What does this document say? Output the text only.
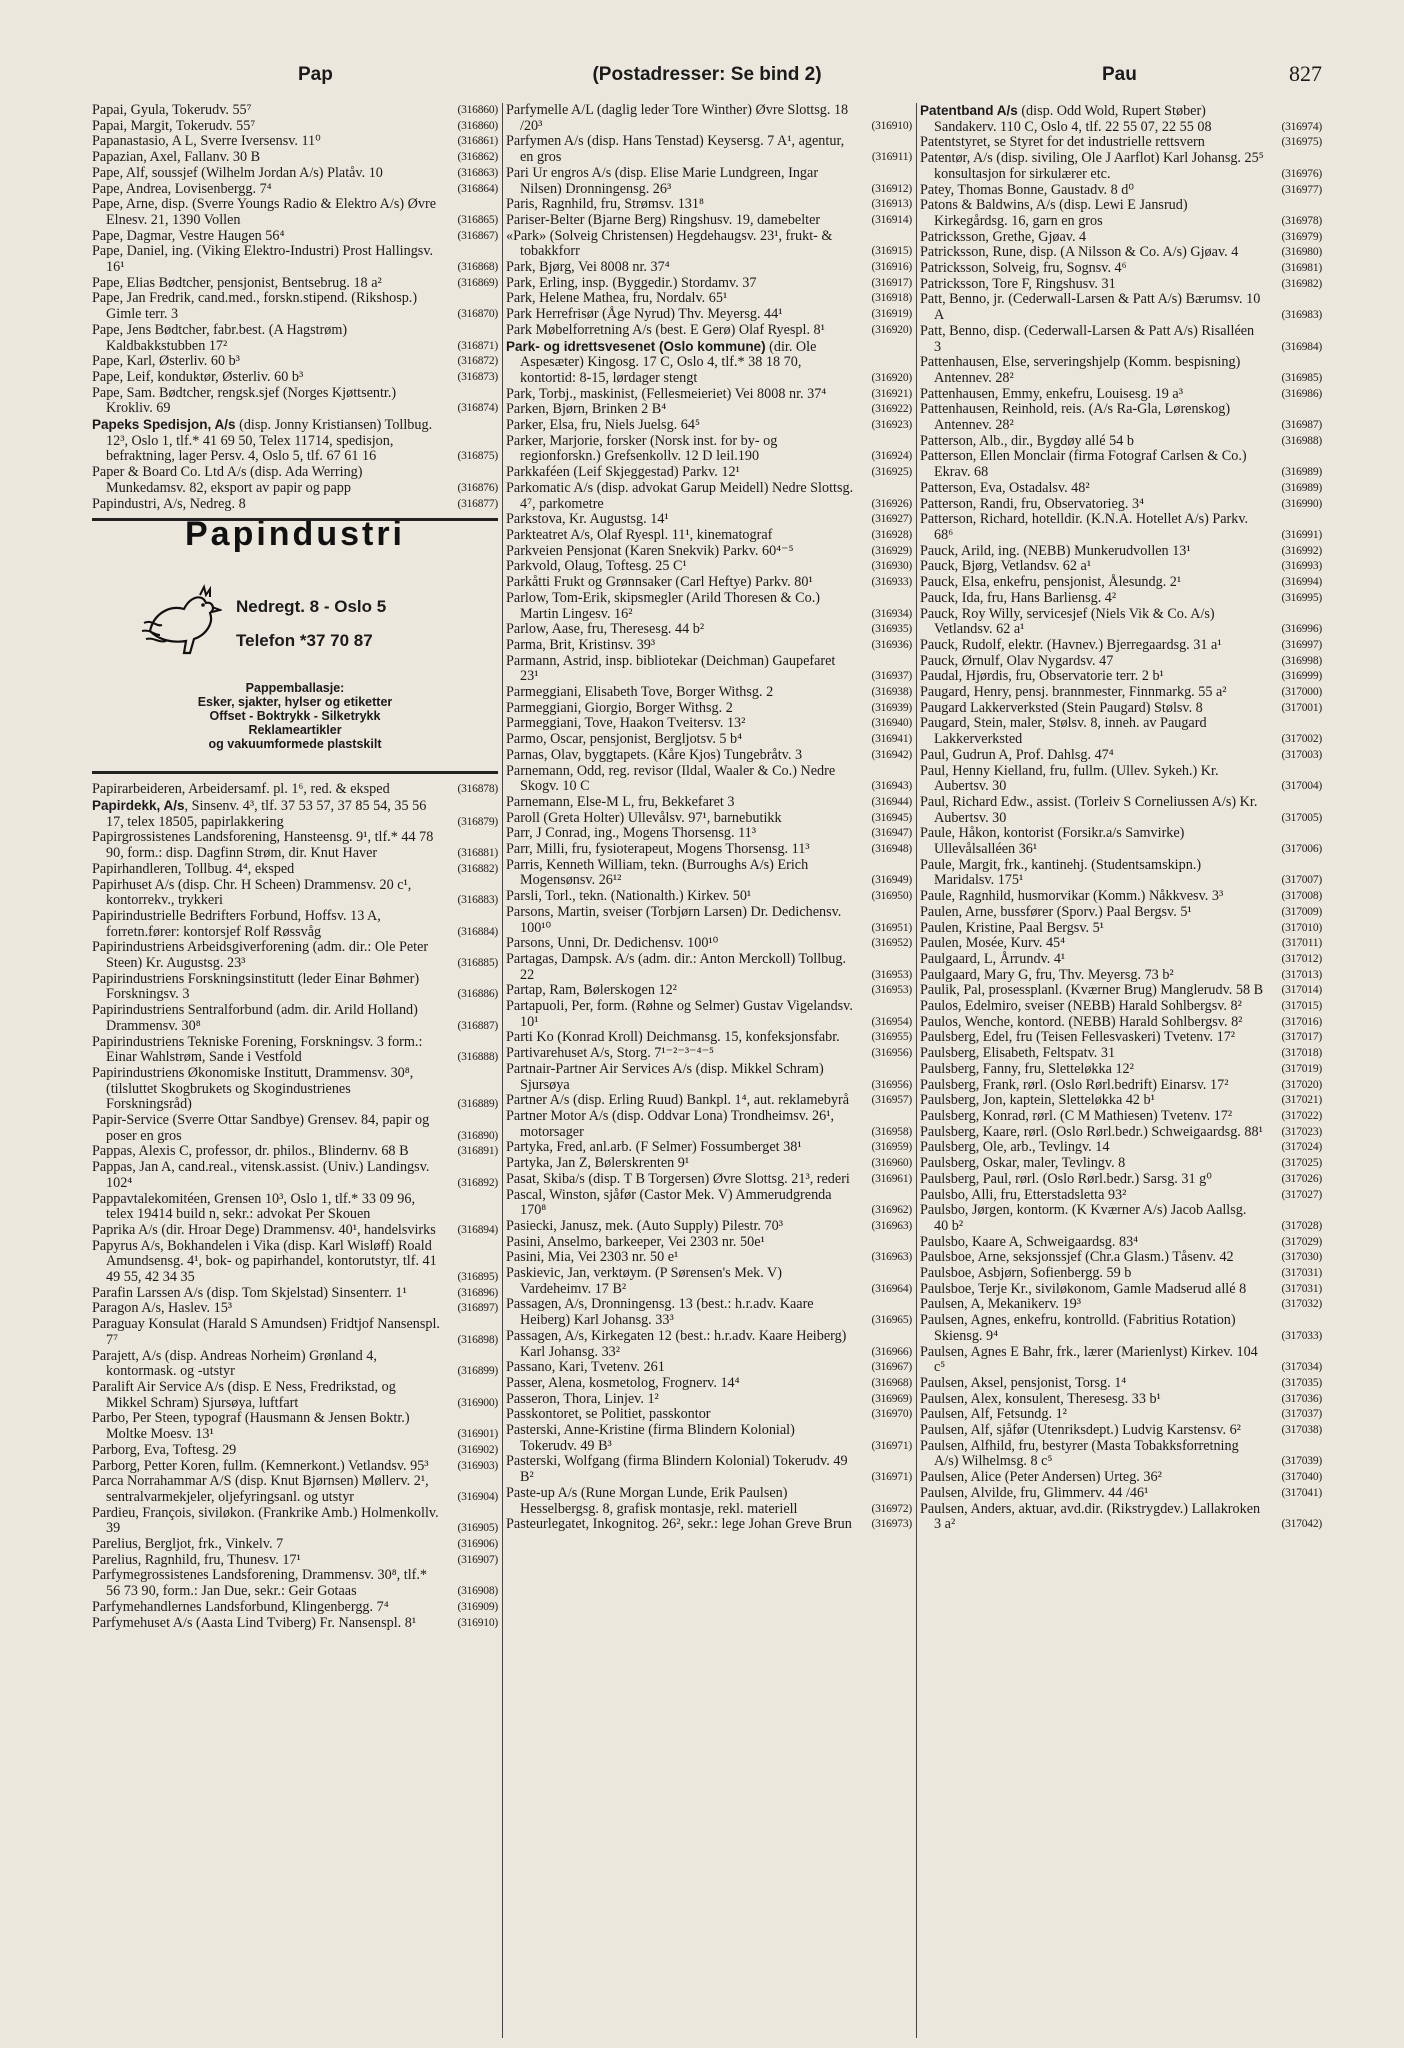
Pap	(Postadresser: Se bind 2)	Pau	827
Papai, Gyula, Tokerudv. 55⁷	(316860)
Papai, Margit, Tokerudv. 55⁷	(316860)
Papanastasio, A L, Sverre Iversensv. 11⁰	(316861)
Papazian, Axel, Fallanv. 30 B	(316862)
Pape, Alf, soussjef (Wilhelm Jordan A/s) Platåv. 10	(316863)
Pape, Andrea, Lovisenbergg. 7⁴	(316864)
Pape, Arne, disp. (Sverre Youngs Radio & Elektro A/s) Øvre Elnesv. 21, 1390 Vollen	(316865)
Pape, Dagmar, Vestre Haugen 56⁴	(316867)
Pape, Daniel, ing. (Viking Elektro-Industri) Prost Hallingsv. 16¹	(316868)
Pape, Elias Bødtcher, pensjonist, Bentsebrug. 18 a²	(316869)
Pape, Jan Fredrik, cand.med., forskn.stipend. (Rikshosp.) Gimle terr. 3	(316870)
Pape, Jens Bødtcher, fabr.best. (A Hagstrøm) Kaldbakkstubben 17²	(316871)
Pape, Karl, Østerliv. 60 b³	(316872)
Pape, Leif, konduktør, Østerliv. 60 b³	(316873)
Pape, Sam. Bødtcher, rengsk.sjef (Norges Kjøttsentr.) Krokliv. 69	(316874)
Papeks Spedisjon, A/s (disp. Jonny Kristiansen) Tollbug. 12³, Oslo 1, tlf.* 41 69 50, Telex 11714, spedisjon, befraktning, lager Persv. 4, Oslo 5, tlf. 67 61 16	(316875)
Paper & Board Co. Ltd A/s (disp. Ada Werring) Munkedamsv. 82, eksport av papir og papp	(316876)
Papindustri, A/s, Nedreg. 8	(316877)
Papindustri
Nedregt. 8 - Oslo 5
Telefon *37 70 87
Pappemballasje:
Esker, sjakter, hylser og etiketter
Offset - Boktrykk - Silketrykk
Reklameartikler
og vakuumformede plastskilt
Papirarbeideren, Arbeidersamf. pl. 1⁶, red. & eksped	(316878)
Papirdekk, A/s, Sinsenv. 4³, tlf. 37 53 57, 37 85 54, 35 56 17, telex 18505, papirlakkering	(316879)
Papirgrossistenes Landsforening, Hansteensg. 9¹, tlf.* 44 78 90, form.: disp. Dagfinn Strøm, dir. Knut Haver	(316881)
Papirhandleren, Tollbug. 4⁴, eksped	(316882)
Papirhuset A/s (disp. Chr. H Scheen) Drammensv. 20 c¹, kontorrekv., trykkeri	(316883)
Papirindustrielle Bedrifters Forbund, Hoffsv. 13 A, forretn.fører: kontorsjef Rolf Røssvåg	(316884)
Papirindustriens Arbeidsgiverforening (adm. dir.: Ole Peter Steen) Kr. Augustsg. 23³	(316885)
Papirindustriens Forskningsinstitutt (leder Einar Bøhmer) Forskningsv. 3	(316886)
Papirindustriens Sentralforbund (adm. dir. Arild Holland) Drammensv. 30⁸	(316887)
Papirindustriens Tekniske Forening, Forskningsv. 3 form.: Einar Wahlstrøm, Sande i Vestfold	(316888)
Papirindustriens Økonomiske Institutt, Drammensv. 30⁸, (tilsluttet Skogbrukets og Skogindustrienes Forskningsråd)	(316889)
Papir-Service (Sverre Ottar Sandbye) Grensev. 84, papir og poser en gros	(316890)
Pappas, Alexis C, professor, dr. philos., Blindernv. 68 B	(316891)
Pappas, Jan A, cand.real., vitensk.assist. (Univ.) Landingsv. 102⁴	(316892)
Pappavtalekomitéen, Grensen 10³, Oslo 1, tlf.* 33 09 96, telex 19414 build n, sekr.: advokat Per Skouen
Paprika A/s (dir. Hroar Dege) Drammensv. 40¹, handelsvirks (316894)
Papyrus A/s, Bokhandelen i Vika (disp. Karl Wisløff) Roald Amundsensg. 4¹, bok- og papirhandel, kontorutstyr, tlf. 41 49 55, 42 34 35	(316895)
Parafin Larssen A/s (disp. Tom Skjelstad) Sinsenterr. 1¹	(316896)
Paragon A/s, Haslev. 15³	(316897)
Paraguay Konsulat (Harald S Amundsen) Fridtjof Nansenspl. 7⁷	(316898)
Parajett, A/s (disp. Andreas Norheim) Grønland 4, kontormask. og -utstyr	(316899)
Paralift Air Service A/s (disp. E Ness, Fredrikstad, og Mikkel Schram) Sjursøya, luftfart	(316900)
Parbo, Per Steen, typograf (Hausmann & Jensen Boktr.) Moltke Moesv. 13¹	(316901)
Parborg, Eva, Toftesg. 29	(316902)
Parborg, Petter Koren, fullm. (Kemnerkont.) Vetlandsv. 95³	(316903)
Parca Norrahammar A/S (disp. Knut Bjørnsen) Møllerv. 2¹, sentralvarmekjeler, oljefyringsanl. og utstyr	(316904)
Pardieu, François, siviløkon. (Frankrike Amb.) Holmenkollv. 39	(316905)
Parelius, Bergljot, frk., Vinkelv. 7	(316906)
Parelius, Ragnhild, fru, Thunesv. 17¹	(316907)
Parfymegrossistenes Landsforening, Drammensv. 30⁸, tlf.* 56 73 90, form.: Jan Due, sekr.: Geir Gotaas	(316908)
Parfymehandlernes Landsforbund, Klingenbergg. 7⁴	(316909)
Parfymehuset A/s (Aasta Lind Tviberg) Fr. Nansenspl. 8¹	(316910)
Parfymelle A/L (daglig leder Tore Winther) Øvre Slottsg. 18 /20³	(316910)
Parfymen A/s (disp. Hans Tenstad) Keysersg. 7 A¹, agentur, en gros	(316911)
Pari Ur engros A/s (disp. Elise Marie Lundgreen, Ingar Nilsen) Dronningensg. 26³	(316912)
Paris, Ragnhild, fru, Strømsv. 131⁸	(316913)
Pariser-Belter (Bjarne Berg) Ringshusv. 19, damebelter	(316914)
«Park» (Solveig Christensen) Hegdehaugsv. 23¹, frukt- & tobakkforr	(316915)
Park, Bjørg, Vei 8008 nr. 37⁴	(316916)
Park, Erling, insp. (Byggedir.) Stordamv. 37	(316917)
Park, Helene Mathea, fru, Nordalv. 65¹	(316918)
Park Herrefrisør (Åge Nyrud) Thv. Meyersg. 44¹	(316919)
Park Møbelforretning A/s (best. E Gerø) Olaf Ryespl. 8¹	(316920)
Park- og idrettsvesenet (Oslo kommune) (dir. Ole Aspesæter) Kingosg. 17 C, Oslo 4, tlf.* 38 18 70, kontortid: 8-15, lørdager stengt	(316920)
Park, Torbj., maskinist, (Fellesmeieriet) Vei 8008 nr. 37⁴	(316921)
Parken, Bjørn, Brinken 2 B⁴	(316922)
Parker, Elsa, fru, Niels Juelsg. 64⁵	(316923)
Parker, Marjorie, forsker (Norsk inst. for by- og regionforskn.) Grefsenkollv. 12 D leil.190	(316924)
Parkkaféen (Leif Skjeggestad) Parkv. 12¹	(316925)
Parkomatic A/s (disp. advokat Garup Meidell) Nedre Slottsg. 4⁷, parkometre	(316926)
Parkstova, Kr. Augustsg. 14¹	(316927)
Parkteatret A/s, Olaf Ryespl. 11¹, kinematograf	(316928)
Parkveien Pensjonat (Karen Snekvik) Parkv. 60⁴⁻⁵	(316929)
Parkvold, Olaug, Toftesg. 25 C¹	(316930)
Parkåtti Frukt og Grønnsaker (Carl Heftye) Parkv. 80¹	(316933)
Parlow, Tom-Erik, skipsmegler (Arild Thoresen & Co.) Martin Lingesv. 16²	(316934)
Parlow, Aase, fru, Theresesg. 44 b²	(316935)
Parma, Brit, Kristinsv. 39³	(316936)
Parmann, Astrid, insp. bibliotekar (Deichman) Gaupefaret 23¹	(316937)
Parmeggiani, Elisabeth Tove, Borger Withsg. 2	(316938)
Parmeggiani, Giorgio, Borger Withsg. 2	(316939)
Parmeggiani, Tove, Haakon Tveitersv. 13²	(316940)
Parmo, Oscar, pensjonist, Bergljotsv. 5 b⁴	(316941)
Parnas, Olav, byggtapets. (Kåre Kjos) Tungebråtv. 3	(316942)
Parnemann, Odd, reg. revisor (Ildal, Waaler & Co.) Nedre Skogv. 10 C	(316943)
Parnemann, Else-M L, fru, Bekkefaret 3	(316944)
Paroll (Greta Holter) Ullevålsv. 97¹, barnebutikk	(316945)
Parr, J Conrad, ing., Mogens Thorsensg. 11³	(316947)
Parr, Milli, fru, fysioterapeut, Mogens Thorsensg. 11³	(316948)
Parris, Kenneth William, tekn. (Burroughs A/s) Erich Mogensønsv. 26¹²	(316949)
Parsli, Torl., tekn. (Nationalth.) Kirkev. 50¹	(316950)
Parsons, Martin, sveiser (Torbjørn Larsen) Dr. Dedichensv. 100¹⁰	(316951)
Parsons, Unni, Dr. Dedichensv. 100¹⁰	(316952)
Partagas, Dampsk. A/s (adm. dir.: Anton Merckoll) Tollbug. 22	(316953)
Partap, Ram, Bølerskogen 12²	(316953)
Partapuoli, Per, form. (Røhne og Selmer) Gustav Vigelandsv. 10¹	(316954)
Parti Ko (Konrad Kroll) Deichmansg. 15, konfeksjonsfabr.	(316955)
Partivarehuset A/s, Storg. 7¹⁻²⁻³⁻⁴⁻⁵	(316956)
Partnair-Partner Air Services A/s (disp. Mikkel Schram) Sjursøya	(316956)
Partner A/s (disp. Erling Ruud) Bankpl. 1⁴, aut. reklamebyrå (316957)
Partner Motor A/s (disp. Oddvar Lona) Trondheimsv. 26¹, motorsager	(316958)
Partyka, Fred, anl.arb. (F Selmer) Fossumberget 38¹	(316959)
Partyka, Jan Z, Bølerskrenten 9¹	(316960)
Pasat, Skiba/s (disp. T B Torgersen) Øvre Slottsg. 21³, rederi (316961)
Pascal, Winston, sjåfør (Castor Mek. V) Ammerudgrenda 170⁸	(316962)
Pasiecki, Janusz, mek. (Auto Supply) Pilestr. 70³	(316963)
Pasini, Anselmo, barkeeper, Vei 2303 nr. 50e¹
Pasini, Mia, Vei 2303 nr. 50 e¹	(316963)
Paskievic, Jan, verktøym. (P Sørensen's Mek. V) Vardeheimv. 17 B²	(316964)
Passagen, A/s, Dronningensg. 13 (best.: h.r.adv. Kaare Heiberg) Karl Johansg. 33³	(316965)
Passagen, A/s, Kirkegaten 12 (best.: h.r.adv. Kaare Heiberg) Karl Johansg. 33²	(316966)
Passano, Kari, Tvetenv. 261	(316967)
Passer, Alena, kosmetolog, Frognerv. 14⁴	(316968)
Passeron, Thora, Linjev. 1²	(316969)
Passkontoret, se Politiet, passkontor	(316970)
Pasterski, Anne-Kristine (firma Blindern Kolonial) Tokerudv. 49 B³	(316971)
Pasterski, Wolfgang (firma Blindern Kolonial) Tokerudv. 49 B²	(316971)
Paste-up A/s (Rune Morgan Lunde, Erik Paulsen) Hesselbergsg. 8, grafisk montasje, rekl. materiell	(316972)
Pasteurlegatet, Inkognitog. 26², sekr.: lege Johan Greve Brun (316973)
Patentband A/s (disp. Odd Wold, Rupert Støber) Sandakerv. 110 C, Oslo 4, tlf. 22 55 07, 22 55 08	(316974)
Patentstyret, se Styret for det industrielle rettsvern	(316975)
Patentør, A/s (disp. siviling, Ole J Aarflot) Karl Johansg. 25⁵ konsultasjon for sirkulærer etc.	(316976)
Patey, Thomas Bonne, Gaustadv. 8 d⁰	(316977)
Patons & Baldwins, A/s (disp. Lewi E Jansrud) Kirkegårdsg. 16, garn en gros	(316978)
Patricksson, Grethe, Gjøav. 4	(316979)
Patricksson, Rune, disp. (A Nilsson & Co. A/s) Gjøav. 4	(316980)
Patricksson, Solveig, fru, Sognsv. 4⁶	(316981)
Patricksson, Tore F, Ringshusv. 31	(316982)
Patt, Benno, jr. (Cederwall-Larsen & Patt A/s) Bærumsv. 10 A	(316983)
Patt, Benno, disp. (Cederwall-Larsen & Patt A/s) Risalléen 3	(316984)
Pattenhausen, Else, serveringshjelp (Komm. bespisning) Antennev. 28²	(316985)
Pattenhausen, Emmy, enkefru, Louisesg. 19 a³	(316986)
Pattenhausen, Reinhold, reis. (A/s Ra-Gla, Lørenskog) Antennev. 28²	(316987)
Patterson, Alb., dir., Bygdøy allé 54 b	(316988)
Patterson, Ellen Monclair (firma Fotograf Carlsen & Co.) Ekrav. 68	(316989)
Patterson, Eva, Ostadalsv. 48²	(316989)
Patterson, Randi, fru, Observatorieg. 3⁴	(316990)
Patterson, Richard, hotelldir. (K.N.A. Hotellet A/s) Parkv. 68⁶	(316991)
Pauck, Arild, ing. (NEBB) Munkerudvollen 13¹	(316992)
Pauck, Bjørg, Vetlandsv. 62 a¹	(316993)
Pauck, Elsa, enkefru, pensjonist, Ålesundg. 2¹	(316994)
Pauck, Ida, fru, Hans Barliensg. 4²	(316995)
Pauck, Roy Willy, servicesjef (Niels Vik & Co. A/s) Vetlandsv. 62 a¹	(316996)
Pauck, Rudolf, elektr. (Havnev.) Bjerregaardsg. 31 a¹	(316997)
Pauck, Ørnulf, Olav Nygardsv. 47	(316998)
Paudal, Hjørdis, fru, Observatorie terr. 2 b¹	(316999)
Paugard, Henry, pensj. brannmester, Finnmarkg. 55 a²	(317000)
Paugard Lakkerverksted (Stein Paugard) Stølsv. 8	(317001)
Paugard, Stein, maler, Stølsv. 8, inneh. av Paugard Lakkerverksted	(317002)
Paul, Gudrun A, Prof. Dahlsg. 47⁴	(317003)
Paul, Henny Kielland, fru, fullm. (Ullev. Sykeh.) Kr. Aubertsv. 30	(317004)
Paul, Richard Edw., assist. (Torleiv S Corneliussen A/s) Kr. Aubertsv. 30	(317005)
Paule, Håkon, kontorist (Forsikr.a/s Samvirke) Ullevålsalléen 36¹	(317006)
Paule, Margit, frk., kantinehj. (Studentsamskipn.) Maridalsv. 175¹	(317007)
Paule, Ragnhild, husmorvikar (Komm.) Nåkkvesv. 3³	(317008)
Paulen, Arne, bussfører (Sporv.) Paal Bergsv. 5¹	(317009)
Paulen, Kristine, Paal Bergsv. 5¹	(317010)
Paulen, Mosée, Kurv. 45⁴	(317011)
Paulgaard, L, Årrundv. 4¹	(317012)
Paulgaard, Mary G, fru, Thv. Meyersg. 73 b²	(317013)
Paulik, Pal, prosessplanl. (Kværner Brug) Manglerudv. 58 B (317014)
Paulos, Edelmiro, sveiser (NEBB) Harald Sohlbergsv. 8²	(317015)
Paulos, Wenche, kontord. (NEBB) Harald Sohlbergsv. 8²	(317016)
Paulsberg, Edel, fru (Teisen Fellesvaskeri) Tvetenv. 17²	(317017)
Paulsberg, Elisabeth, Feltspatv. 31	(317018)
Paulsberg, Fanny, fru, Sletteløkka 12²	(317019)
Paulsberg, Frank, rørl. (Oslo Rørl.bedrift) Einarsv. 17²	(317020)
Paulsberg, Jon, kaptein, Sletteløkka 42 b¹	(317021)
Paulsberg, Konrad, rørl. (C M Mathiesen) Tvetenv. 17²	(317022)
Paulsberg, Kaare, rørl. (Oslo Rørl.bedr.) Schweigaardsg. 88¹ (317023)
Paulsberg, Ole, arb., Tevlingv. 14	(317024)
Paulsberg, Oskar, maler, Tevlingv. 8	(317025)
Paulsberg, Paul, rørl. (Oslo Rørl.bedr.) Sarsg. 31 g⁰	(317026)
Paulsbo, Alli, fru, Etterstadsletta 93²	(317027)
Paulsbo, Jørgen, kontorm. (K Kværner A/s) Jacob Aallsg. 40 b²	(317028)
Paulsbo, Kaare A, Schweigaardsg. 83⁴	(317029)
Paulsboe, Arne, seksjonssjef (Chr.a Glasm.) Tåsenv. 42	(317030)
Paulsboe, Asbjørn, Sofienbergg. 59 b	(317031)
Paulsboe, Terje Kr., siviløkonom, Gamle Madserud allé 8	(317031)
Paulsen, A, Mekanikerv. 19³	(317032)
Paulsen, Agnes, enkefru, kontrolld. (Fabritius Rotation) Skiensg. 9⁴	(317033)
Paulsen, Agnes E Bahr, frk., lærer (Marienlyst) Kirkev. 104 c⁵	(317034)
Paulsen, Aksel, pensjonist, Torsg. 1⁴	(317035)
Paulsen, Alex, konsulent, Theresesg. 33 b¹	(317036)
Paulsen, Alf, Fetsundg. 1²	(317037)
Paulsen, Alf, sjåfør (Utenriksdept.) Ludvig Karstensv. 6²	(317038)
Paulsen, Alfhild, fru, bestyrer (Masta Tobakksforretning A/s) Wilhelmsg. 8 c⁵	(317039)
Paulsen, Alice (Peter Andersen) Urteg. 36²	(317040)
Paulsen, Alvilde, fru, Glimmerv. 44 /46¹	(317041)
Paulsen, Anders, aktuar, avd.dir. (Rikstrygdev.) Lallakroken 3 a²	(317042)
